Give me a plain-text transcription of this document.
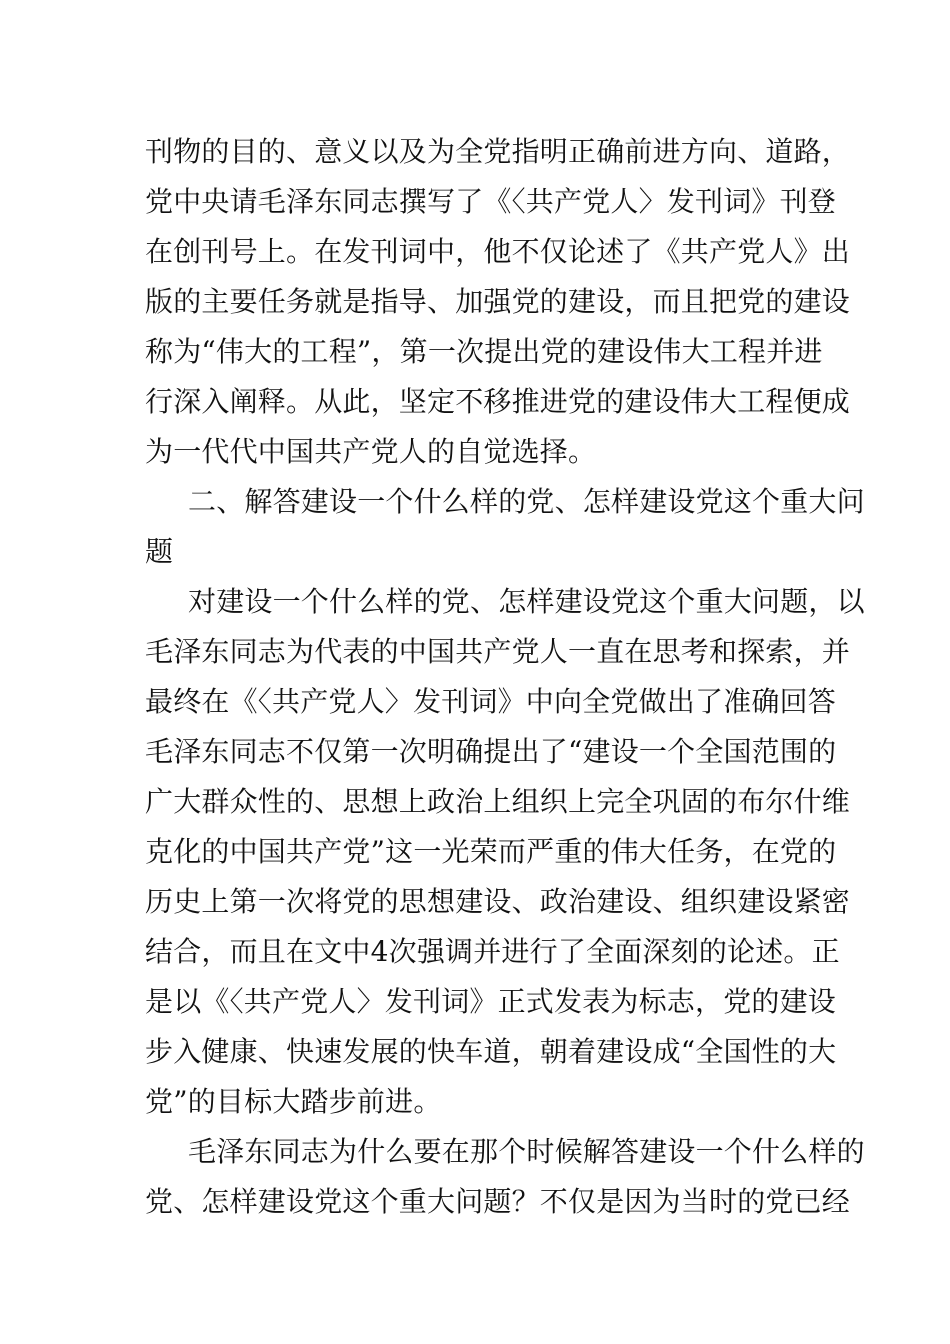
刊物的目的、意义以及为全党指明正确前进方向、道路，
党中央请毛泽东同志撰写了《〈共产党人〉发刊词》刊登
在创刊号上。在发刊词中，他不仅论述了《共产党人》出
版的主要任务就是指导、加强党的建设，而且把党的建设
称为“伟大的工程”，第一次提出党的建设伟大工程并进
行深入阐释。从此，坚定不移推进党的建设伟大工程便成
为一代代中国共产党人的自觉选择。
二、解答建设一个什么样的党、怎样建设党这个重大问
题
对建设一个什么样的党、怎样建设党这个重大问题，以
毛泽东同志为代表的中国共产党人一直在思考和探索，并
最终在《〈共产党人〉发刊词》中向全党做出了准确回答
毛泽东同志不仅第一次明确提出了“建设一个全国范围的
广大群众性的、思想上政治上组织上完全巩固的布尔什维
克化的中国共产党”这一光荣而严重的伟大任务，在党的
历史上第一次将党的思想建设、政治建设、组织建设紧密
结合，而且在文中4次强调并进行了全面深刻的论述。正
是以《〈共产党人〉发刊词》正式发表为标志，党的建设
步入健康、快速发展的快车道，朝着建设成“全国性的大
党”的目标大踏步前进。
毛泽东同志为什么要在那个时候解答建设一个什么样的
党、怎样建设党这个重大问题？不仅是因为当时的党已经
